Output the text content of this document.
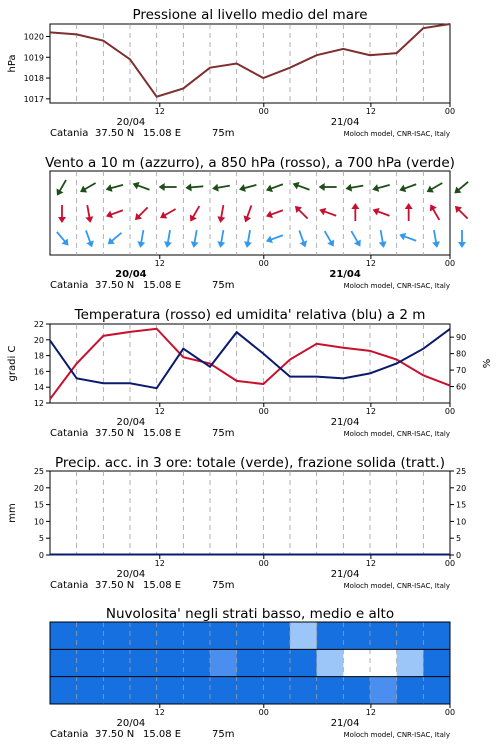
Pressione al livello medio del mare
1017
1018
1019
1020
hPa
12	00	12	00
20/04	21/04
Catania 37.50 N 15.08 E	75m	Moloch model, CNR-ISAC, Italy
Vento a 10 m (azzurro), a 850 hPa (rosso), a 700 hPa (verde)
12	00	12	00
20/04	21/04
Catania 37.50 N 15.08 E	75m	Moloch model, CNR-ISAC, Italy
Temperatura (rosso) ed umidita' relativa (blu) a 2 m
12
14
16
18
20
22
60
70
80
90
gradi C	%
12	00	12	00
20/04	21/04
Catania 37.50 N 15.08 E	75m	Moloch model, CNR-ISAC, Italy
Precip. acc. in 3 ore: totale (verde), frazione solida (tratt.)
0
5
10
15
20
25
0
5
10
15
20
25
mm
12	00	12	00
20/04	21/04
Catania 37.50 N 15.08 E	75m	Moloch model, CNR-ISAC, Italy
Nuvolosita' negli strati basso, medio e alto
12	00	12	00
20/04	21/04
Catania 37.50 N 15.08 E	75m	Moloch model, CNR-ISAC, Italy
